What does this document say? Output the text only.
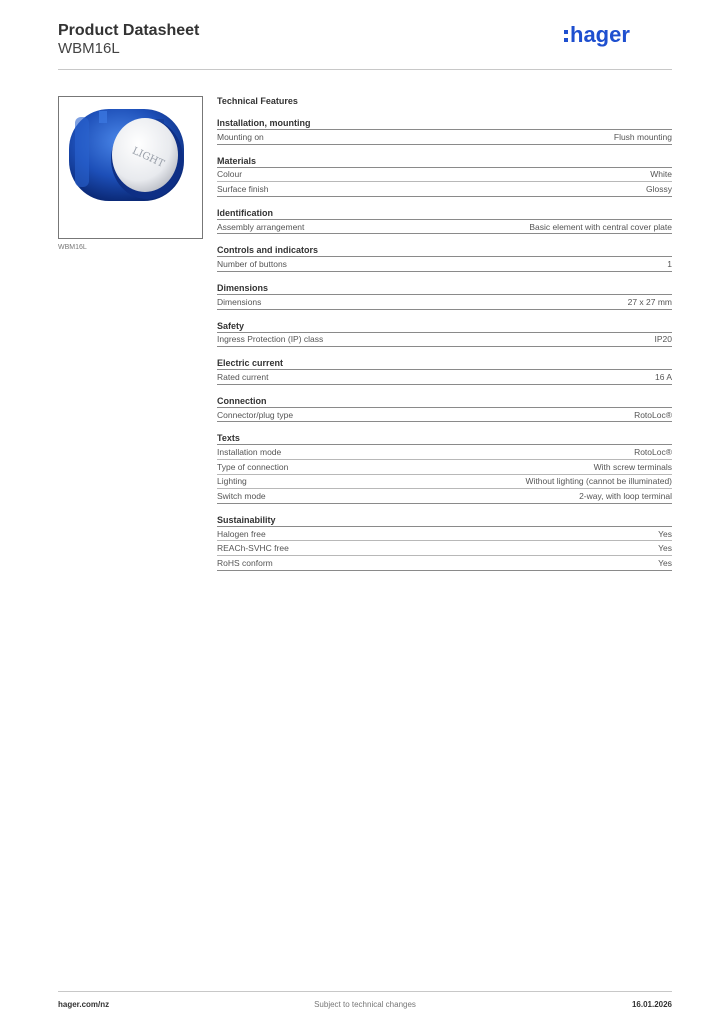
Product Datasheet
WBM16L
hager
LIGHT
WBM16L
Technical Features
Installation, mounting
Mounting on	Flush mounting
Materials
Colour	White
Surface finish	Glossy
Identification
Assembly arrangement	Basic element with central cover plate
Controls and indicators
Number of buttons	1
Dimensions
Dimensions	27 x 27 mm
Safety
Ingress Protection (IP) class	IP20
Electric current
Rated current	16 A
Connection
Connector/plug type	RotoLoc®
Texts
Installation mode	RotoLoc®
Type of connection	With screw terminals
Lighting	Without lighting (cannot be illuminated)
Switch mode	2-way, with loop terminal
Sustainability
Halogen free	Yes
REACh-SVHC free	Yes
RoHS conform	Yes
hager.com/nz	Subject to technical changes	16.01.2026
